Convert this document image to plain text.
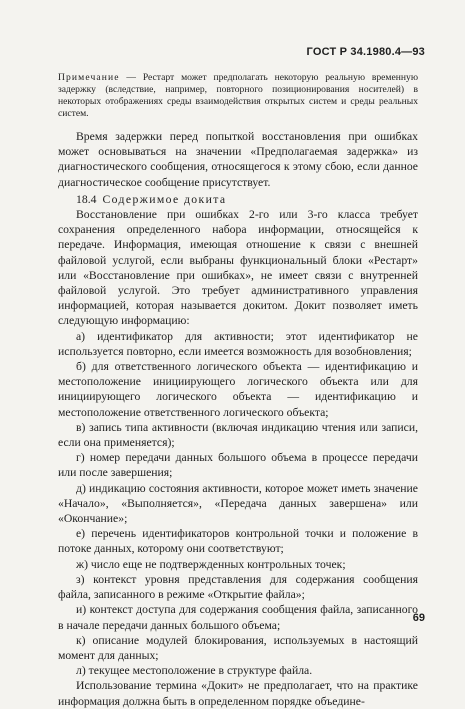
ГОСТ Р 34.1980.4—93
Примечание — Рестарт может предполагать некоторую реальную временную задержку (вследствие, например, повторного позиционирования носителей) в некоторых отображениях среды взаимодействия открытых систем и среды реальных систем.

Время задержки перед попыткой восстановления при ошибках может основываться на значении «Предполагаемая задержка» из диагностического сообщения, относящегося к этому сбою, если данное диагностическое сообщение присутствует.

18.4 Содержимое докита

Восстановление при ошибках 2-го или 3-го класса требует сохранения определенного набора информации, относящейся к передаче. Информация, имеющая отношение к связи с внешней файловой услугой, если выбраны функциональный блоки «Рестарт» или «Восстановление при ошибках», не имеет связи с внутренней файловой услугой. Это требует административного управления информацией, которая называется докитом. Докит позволяет иметь следующую информацию:

а) идентификатор для активности; этот идентификатор не используется повторно, если имеется возможность для возобновления;

б) для ответственного логического объекта — идентификацию и местоположение инициирующего логического объекта или для инициирующего логического объекта — идентификацию и местоположение ответственного логического объекта;

в) запись типа активности (включая индикацию чтения или записи, если она применяется);

г) номер передачи данных большого объема в процессе передачи или после завершения;

д) индикацию состояния активности, которое может иметь значение «Начало», «Выполняется», «Передача данных завершена» или «Окончание»;

е) перечень идентификаторов контрольной точки и положение в потоке данных, которому они соответствуют;

ж) число еще не подтвержденных контрольных точек;

з) контекст уровня представления для содержания сообщения файла, записанного в режиме «Открытие файла»;

и) контекст доступа для содержания сообщения файла, записанного в начале передачи данных большого объема;

к) описание модулей блокирования, используемых в настоящий момент для данных;

л) текущее местоположение в структуре файла.

Использование термина «Докит» не предполагает, что на практике информация должна быть в определенном порядке объедине-

69
